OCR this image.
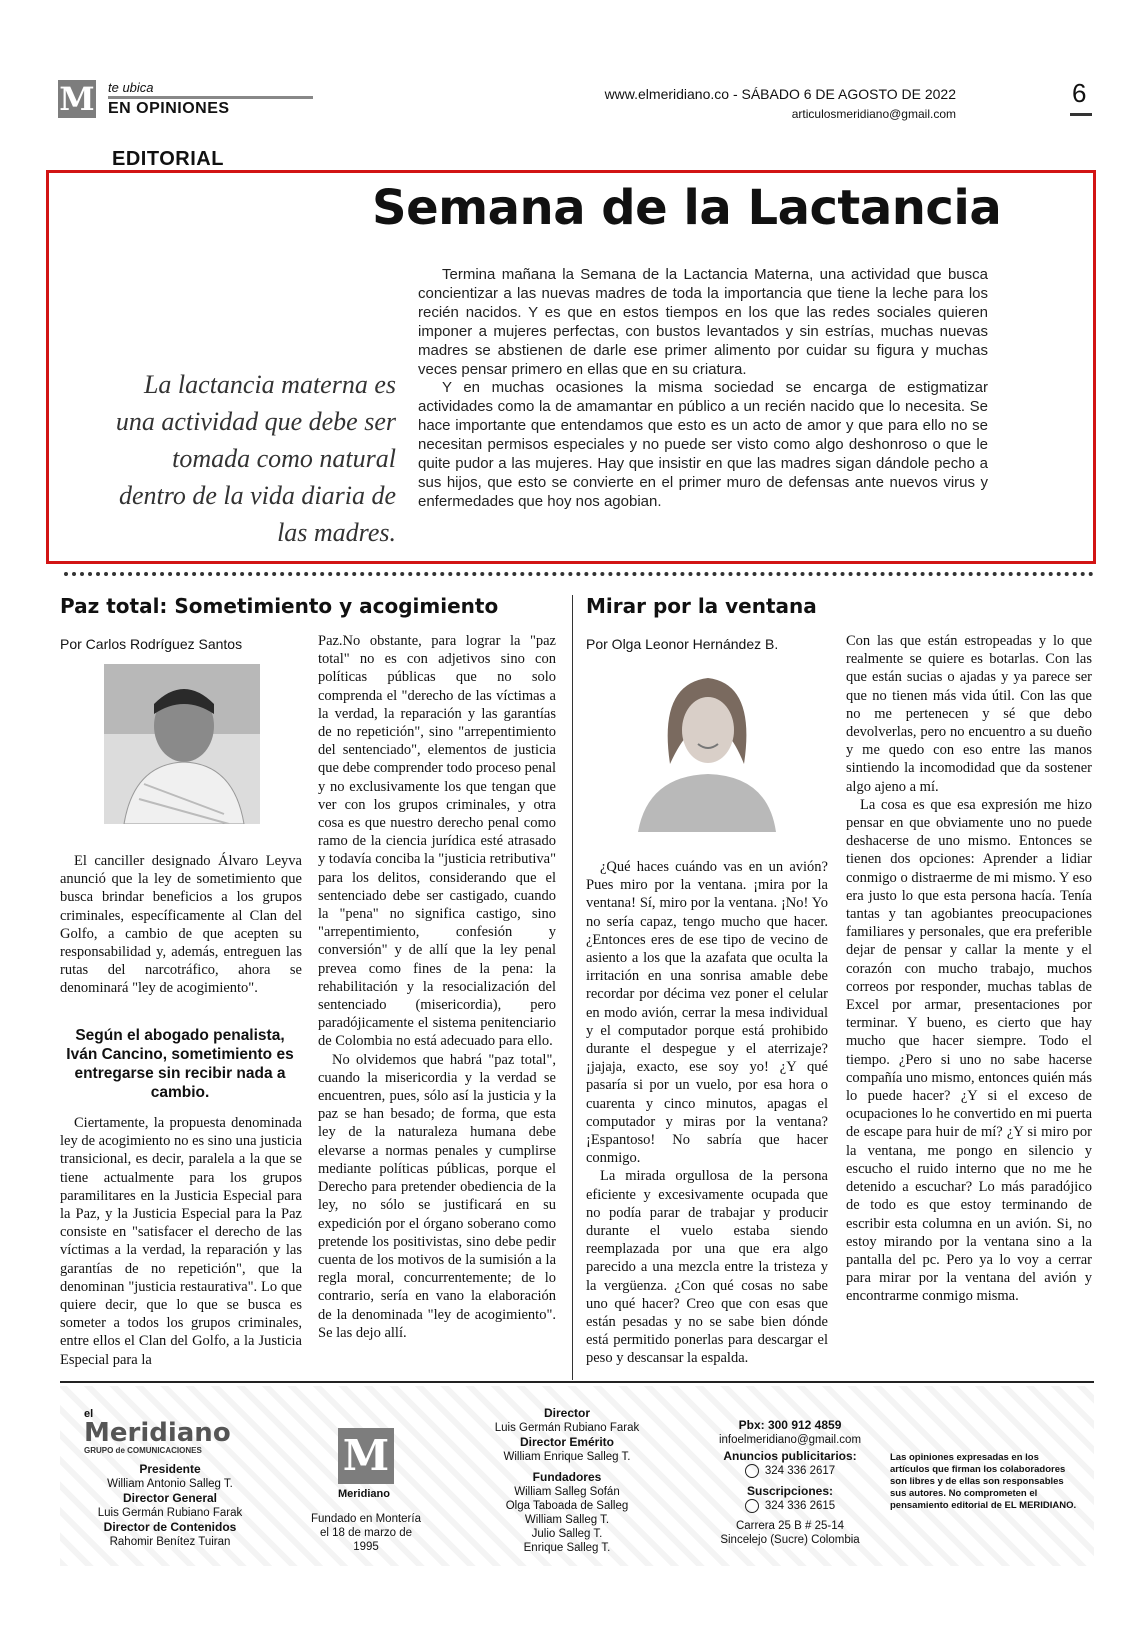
M te ubica
EN OPINIONES
www.elmeridiano.co - SÁBADO 6 DE AGOSTO DE 2022
articulosmeridiano@gmail.com
6
EDITORIAL
Semana de la Lactancia
La lactancia materna es una actividad que debe ser tomada como natural dentro de la vida diaria de las madres.

Termina mañana la Semana de la Lactancia Materna, una actividad que busca concientizar a las nuevas madres de toda la importancia que tiene la leche para los recién nacidos. Y es que en estos tiempos en los que las redes sociales quieren imponer a mujeres perfectas, con bustos levantados y sin estrías, muchas nuevas madres se abstienen de darle ese primer alimento por cuidar su figura y muchas veces pensar primero en ellas que en su criatura.

Y en muchas ocasiones la misma sociedad se encarga de estigmatizar actividades como la de amamantar en público a un recién nacido que lo necesita. Se hace importante que entendamos que esto es un acto de amor y que para ello no se necesitan permisos especiales y no puede ser visto como algo deshonroso o que le quite pudor a las mujeres. Hay que insistir en que las madres sigan dándole pecho a sus hijos, que esto se convierte en el primer muro de defensas ante nuevos virus y enfermedades que hoy nos agobian.

Paz total: Sometimiento y acogimiento
Por Carlos Rodríguez Santos

El canciller designado Álvaro Leyva anunció que la ley de sometimiento que busca brindar beneficios a los grupos criminales, específicamente al Clan del Golfo, a cambio de que acepten su responsabilidad y, además, entreguen las rutas del narcotráfico, ahora se denominará "ley de acogimiento".

Según el abogado penalista, Iván Cancino, sometimiento es entregarse sin recibir nada a cambio.

Ciertamente, la propuesta denominada ley de acogimiento no es sino una justicia transicional, es decir, paralela a la que se tiene actualmente para los grupos paramilitares en la Justicia Especial para la Paz, y la Justicia Especial para la Paz consiste en "satisfacer el derecho de las víctimas a la verdad, la reparación y las garantías de no repetición", que la denominan "justicia restaurativa". Lo que quiere decir, que lo que se busca es someter a todos los grupos criminales, entre ellos el Clan del Golfo, a la Justicia Especial para la

Paz.No obstante, para lograr la "paz total" no es con adjetivos sino con políticas públicas que no solo comprenda el "derecho de las víctimas a la verdad, la reparación y las garantías de no repetición", sino "arrepentimiento del sentenciado", elementos de justicia que debe comprender todo proceso penal y no exclusivamente los que tengan que ver con los grupos criminales, y otra cosa es que nuestro derecho penal como ramo de la ciencia jurídica esté atrasado y todavía conciba la "justicia retributiva" para los delitos, considerando que el sentenciado debe ser castigado, cuando la "pena" no significa castigo, sino "arrepentimiento, confesión y conversión" y de allí que la ley penal prevea como fines de la pena: la rehabilitación y la resocialización del sentenciado (misericordia), pero paradójicamente el sistema penitenciario de Colombia no está adecuado para ello.

No olvidemos que habrá "paz total", cuando la misericordia y la verdad se encuentren, pues, sólo así la justicia y la paz se han besado; de forma, que esta ley de la naturaleza humana debe elevarse a normas penales y cumplirse mediante políticas públicas, porque el Derecho para pretender obediencia de la ley, no sólo se justificará en su expedición por el órgano soberano como pretende los positivistas, sino debe pedir cuenta de los motivos de la sumisión a la regla moral, concurrentemente; de lo contrario, sería en vano la elaboración de la denominada "ley de acogimiento". Se las dejo allí.

Mirar por la ventana
Por Olga Leonor Hernández B.

¿Qué haces cuándo vas en un avión? Pues miro por la ventana. ¡mira por la ventana! Sí, miro por la ventana. ¡No! Yo no sería capaz, tengo mucho que hacer. ¿Entonces eres de ese tipo de vecino de asiento a los que la azafata que oculta la irritación en una sonrisa amable debe recordar por décima vez poner el celular en modo avión, cerrar la mesa individual y el computador porque está prohibido durante el despegue y el aterrizaje? ¡jajaja, exacto, ese soy yo! ¿Y qué pasaría si por un vuelo, por esa hora o cuarenta y cinco minutos, apagas el computador y miras por la ventana? ¡Espantoso! No sabría que hacer conmigo.

La mirada orgullosa de la persona eficiente y excesivamente ocupada que no podía parar de trabajar y producir durante el vuelo estaba siendo reemplazada por una que era algo parecido a una mezcla entre la tristeza y la vergüenza. ¿Con qué cosas no sabe uno qué hacer? Creo que con esas que están pesadas y no se sabe bien dónde está permitido ponerlas para descargar el peso y descansar la espalda.

Con las que están estropeadas y lo que realmente se quiere es botarlas. Con las que están sucias o ajadas y ya parece ser que no tienen más vida útil. Con las que no me pertenecen y sé que debo devolverlas, pero no encuentro a su dueño y me quedo con eso entre las manos sintiendo la incomodidad que da sostener algo ajeno a mí.

La cosa es que esa expresión me hizo pensar en que obviamente uno no puede deshacerse de uno mismo. Entonces se tienen dos opciones: Aprender a lidiar conmigo o distraerme de mi mismo. Y eso era justo lo que esta persona hacía. Tenía tantas y tan agobiantes preocupaciones familiares y personales, que era preferible dejar de pensar y callar la mente y el corazón con mucho trabajo, muchos correos por responder, muchas tablas de Excel por armar, presentaciones por terminar. Y bueno, es cierto que hay mucho que hacer siempre. Todo el tiempo. ¿Pero si uno no sabe hacerse compañía uno mismo, entonces quién más lo puede hacer? ¿Y si el exceso de ocupaciones lo he convertido en mi puerta de escape para huir de mí? ¿Y si miro por la ventana, me pongo en silencio y escucho el ruido interno que no me he detenido a escuchar? Lo más paradójico de todo es que estoy terminando de escribir esta columna en un avión. Si, no estoy mirando por la ventana sino a la pantalla del pc. Pero ya lo voy a cerrar para mirar por la ventana del avión y encontrarme conmigo misma.

el
Meridiano
GRUPO de COMUNICACIONES
Presidente
William Antonio Salleg T.
Director General
Luis Germán Rubiano Farak
Director de Contenidos
Rahomir Benítez Tuiran
M
Meridiano
Fundado en Montería el 18 de marzo de 1995
Director
Luis Germán Rubiano Farak
Director Emérito
William Enrique Salleg T.
Fundadores
William Salleg Sofán
Olga Taboada de Salleg
William Salleg T.
Julio Salleg T.
Enrique Salleg T.
Pbx: 300 912 4859
infoelmeridiano@gmail.com
Anuncios publicitarios:
324 336 2617
Suscripciones:
324 336 2615
Carrera 25 B # 25-14
Sincelejo (Sucre) Colombia
Las opiniones expresadas en los artículos que firman los colaboradores son libres y de ellas son responsables sus autores. No comprometen el pensamiento editorial de EL MERIDIANO.
